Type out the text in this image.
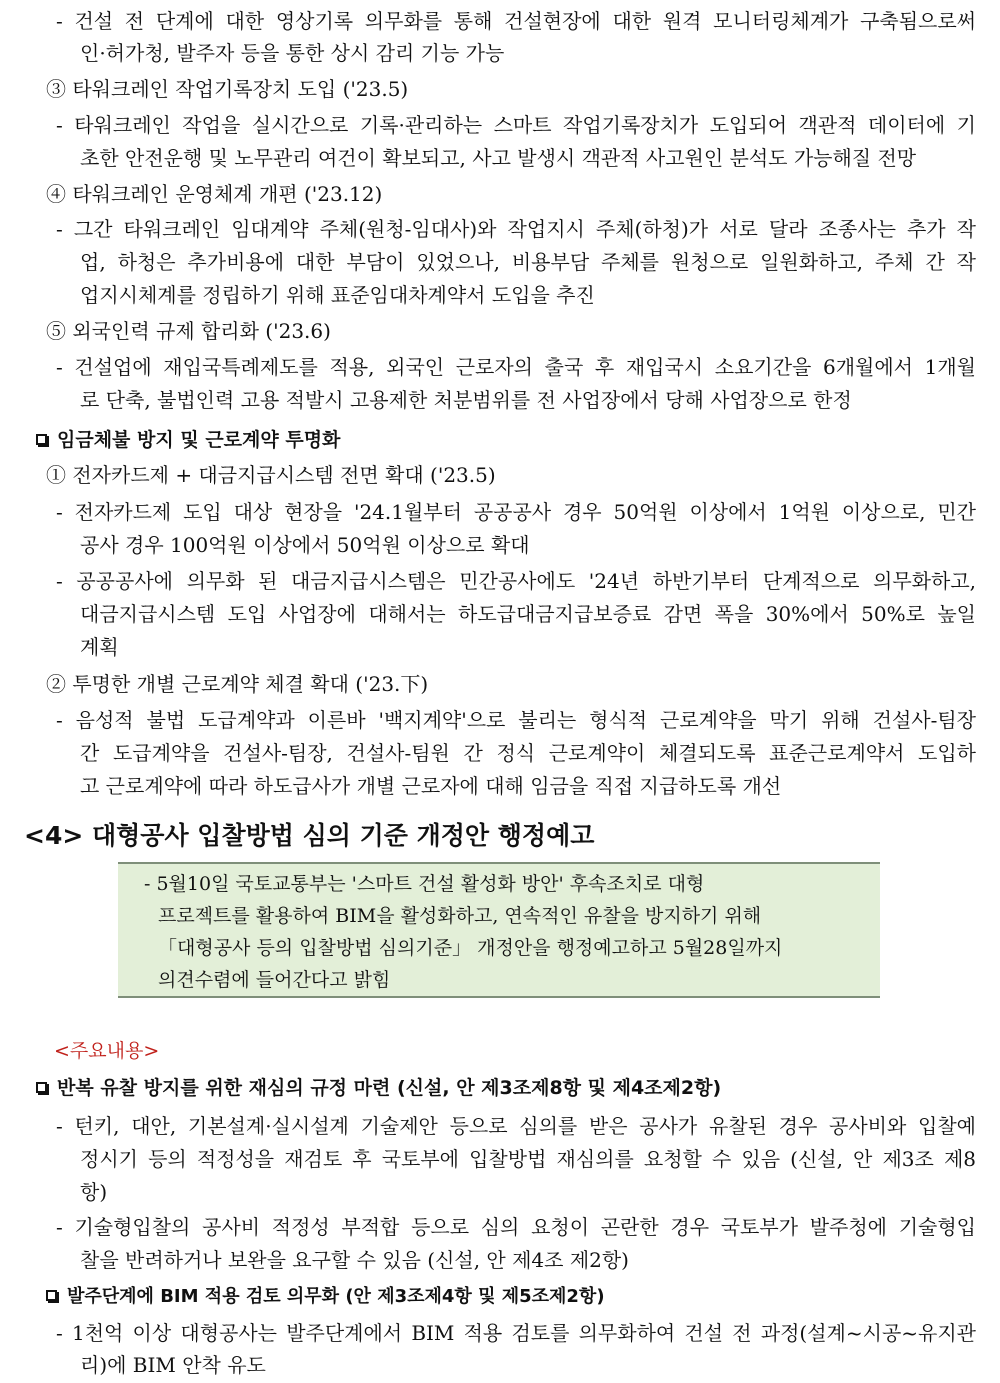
- 건설 전 단계에 대한 영상기록 의무화를 통해 건설현장에 대한 원격 모니터링체계가 구축됨으로써
인·허가청, 발주자 등을 통한 상시 감리 기능 가능
③ 타워크레인 작업기록장치 도입 ('23.5)
- 타워크레인 작업을 실시간으로 기록·관리하는 스마트 작업기록장치가 도입되어 객관적 데이터에 기
초한 안전운행 및 노무관리 여건이 확보되고, 사고 발생시 객관적 사고원인 분석도 가능해질 전망
④ 타워크레인 운영체계 개편 ('23.12)
- 그간 타워크레인 임대계약 주체(원청-임대사)와 작업지시 주체(하청)가 서로 달라 조종사는 추가 작
업, 하청은 추가비용에 대한 부담이 있었으나, 비용부담 주체를 원청으로 일원화하고, 주체 간 작
업지시체계를 정립하기 위해 표준임대차계약서 도입을 추진
⑤ 외국인력 규제 합리화 ('23.6)
- 건설업에 재입국특례제도를 적용, 외국인 근로자의 출국 후 재입국시 소요기간을 6개월에서 1개월
로 단축, 불법인력 고용 적발시 고용제한 처분범위를 전 사업장에서 당해 사업장으로 한정
임금체불 방지 및 근로계약 투명화
① 전자카드제 + 대금지급시스템 전면 확대 ('23.5)
- 전자카드제 도입 대상 현장을 '24.1월부터 공공공사 경우 50억원 이상에서 1억원 이상으로, 민간
공사 경우 100억원 이상에서 50억원 이상으로 확대
- 공공공사에 의무화 된 대금지급시스템은 민간공사에도 '24년 하반기부터 단계적으로 의무화하고,
대금지급시스템 도입 사업장에 대해서는 하도급대금지급보증료 감면 폭을 30%에서 50%로 높일
계획
② 투명한 개별 근로계약 체결 확대 ('23.下)
- 음성적 불법 도급계약과 이른바 '백지계약'으로 불리는 형식적 근로계약을 막기 위해 건설사-팀장
간 도급계약을 건설사-팀장, 건설사-팀원 간 정식 근로계약이 체결되도록 표준근로계약서 도입하
고 근로계약에 따라 하도급사가 개별 근로자에 대해 임금을 직접 지급하도록 개선
<4> 대형공사 입찰방법 심의 기준 개정안 행정예고
- 5월10일 국토교통부는 '스마트 건설 활성화 방안' 후속조치로 대형
프로젝트를 활용하여 BIM을 활성화하고, 연속적인 유찰을 방지하기 위해
「대형공사 등의 입찰방법 심의기준」 개정안을 행정예고하고 5월28일까지
의견수렴에 들어간다고 밝힘
<주요내용>
반복 유찰 방지를 위한 재심의 규정 마련 (신설, 안 제3조제8항 및 제4조제2항)
- 턴키, 대안, 기본설계·실시설계 기술제안 등으로 심의를 받은 공사가 유찰된 경우 공사비와 입찰예
정시기 등의 적정성을 재검토 후 국토부에 입찰방법 재심의를 요청할 수 있음 (신설, 안 제3조 제8
항)
- 기술형입찰의 공사비 적정성 부적합 등으로 심의 요청이 곤란한 경우 국토부가 발주청에 기술형입
찰을 반려하거나 보완을 요구할 수 있음 (신설, 안 제4조 제2항)
발주단계에 BIM 적용 검토 의무화 (안 제3조제4항 및 제5조제2항)
- 1천억 이상 대형공사는 발주단계에서 BIM 적용 검토를 의무화하여 건설 전 과정(설계~시공~유지관
리)에 BIM 안착 유도
